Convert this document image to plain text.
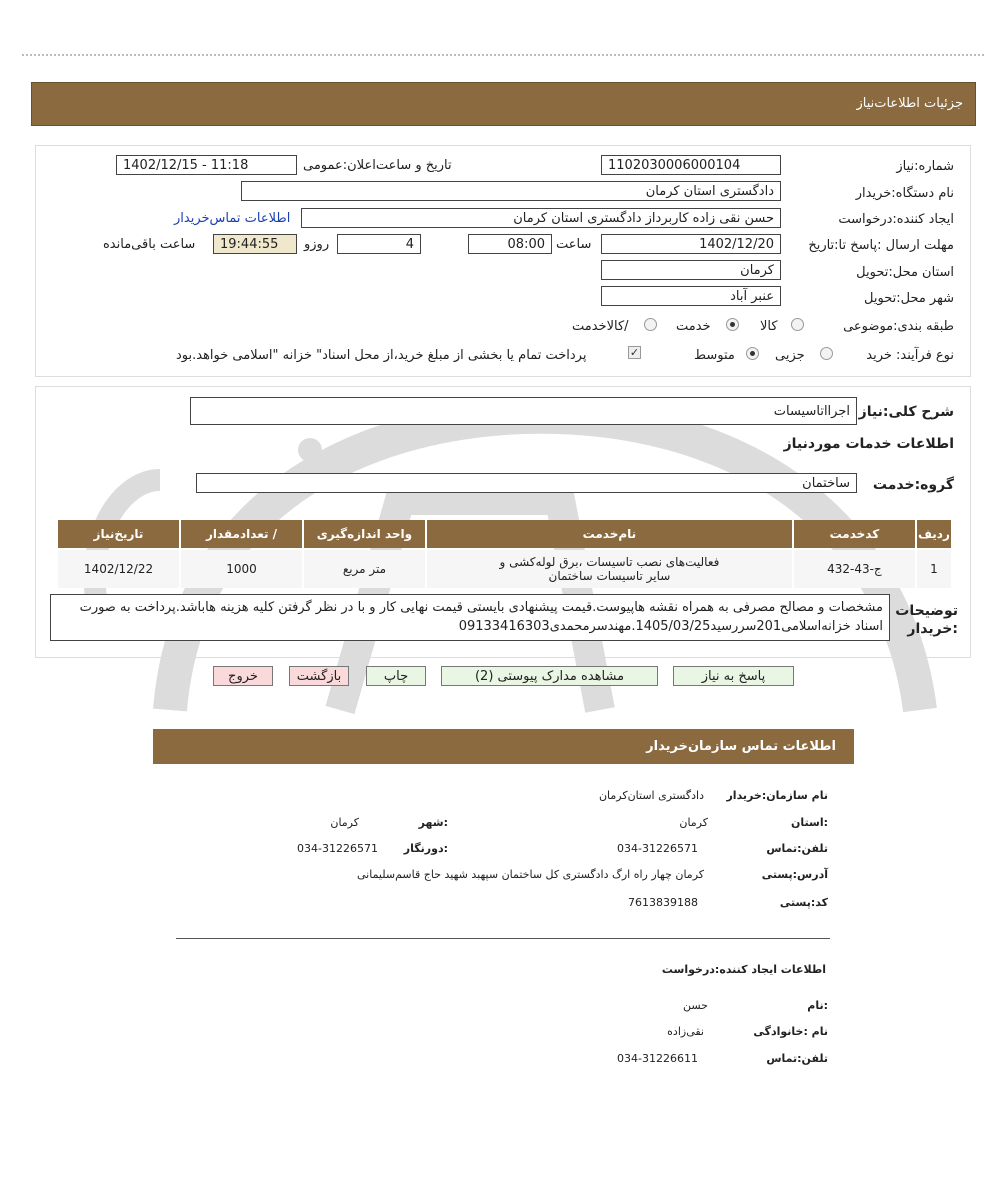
جزئیات اطلاعات‌نیاز
شماره:نیاز
1102030006000104
تاریخ و ساعت‌اعلان:عمومی
1402/12/15 - 11:18
نام دستگاه:خریدار
دادگستری استان کرمان
ایجاد کننده:درخواست
حسن نقی زاده کاربرداز دادگستری استان کرمان
اطلاعات تماس‌خریدار
مهلت ارسال :پاسخ تا:تاریخ
1402/12/20
ساعت
08:00
4
روزو
19:44:55
ساعت باقی‌مانده
استان محل:تحویل
کرمان
شهر محل:تحویل
عنبر آباد
طبقه بندی:موضوعی
کالا
خدمت
/کالاخدمت
نوع فرآیند: خرید
جزیی
متوسط
✓
پرداخت تمام یا بخشی از مبلغ خرید،از محل اسناد" خزانه "اسلامی خواهد.بود
شرح کلی:نیاز
اجرااتاسیسات
اطلاعات خدمات موردنیاز
گروه:خدمت
ساختمان
ردیف	کدخدمت	نام‌خدمت	واحد اندازه‌گیری	/ تعدادمقدار	تاریخ‌نیاز
1	ج-43-432	فعالیت‌های نصب تاسیسات ،برق لوله‌کشی و سایر تاسیسات ساختمان	متر مربع	1000	1402/12/22
توضیحات :خریدار
مشخصات و مصالح مصرفی به همراه نقشه هاپیوست.قیمت پیشنهادی بایستی قیمت نهایی کار و با در نظر گرفتن کلیه هزینه هاباشد.پرداخت به صورت اسناد خزانه‌اسلامی201سررسید1405/03/25.مهندسرمحمدی09133416303
پاسخ به نیاز
مشاهده مدارک پیوستی (2)
چاپ
بازگشت
خروج
اطلاعات تماس سازمان‌خریدار
نام سازمان:خریدار
دادگستری استان‌کرمان
:استان
کرمان
:شهر
کرمان
تلفن:تماس
034-31226571
:دورنگار
034-31226571
آدرس:پستی
کرمان چهار راه ارگ دادگستری کل ساختمان سپهبد شهید حاج قاسم‌سلیمانی
کد:پستی
7613839188
اطلاعات ایجاد کننده:درخواست
:نام
حسن
نام :خانوادگی
نقی‌زاده
تلفن:تماس
034-31226611
